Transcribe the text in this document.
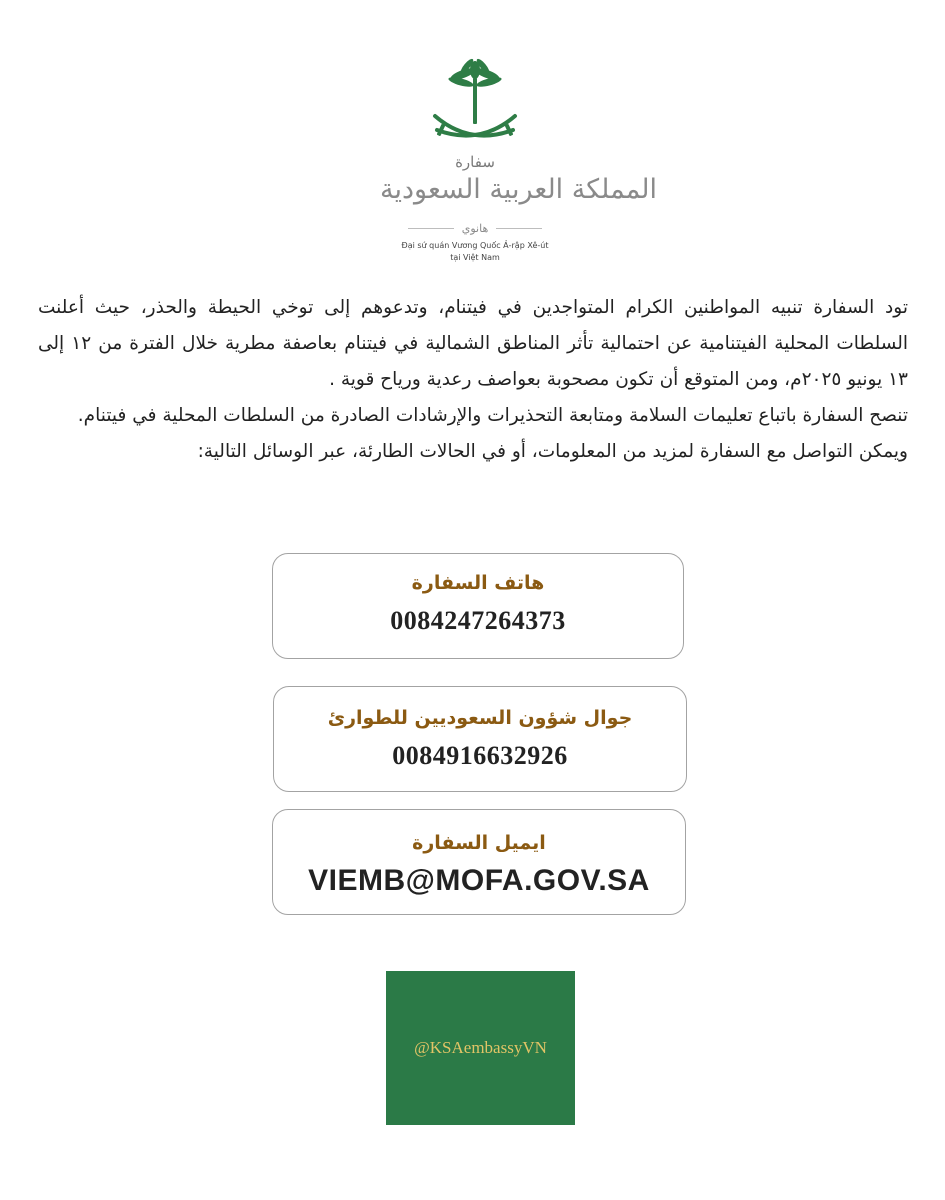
سفارة
المملكة العربية السعودية
هانوي
Đại sứ quán Vương Quốc Ả-rập Xê-út
tại Việt Nam

تود السفارة تنبيه المواطنين الكرام المتواجدين في فيتنام، وتدعوهم إلى توخي الحيطة والحذر، حيث أعلنت السلطات المحلية الفيتنامية عن احتمالية تأثر المناطق الشمالية في فيتنام بعاصفة مطرية خلال الفترة من ١٢ إلى ١٣ يونيو ٢٠٢٥م، ومن المتوقع أن تكون مصحوبة بعواصف رعدية ورياح قوية .

تنصح السفارة باتباع تعليمات السلامة ومتابعة التحذيرات والإرشادات الصادرة من السلطات المحلية في فيتنام.

ويمكن التواصل مع السفارة لمزيد من المعلومات، أو في الحالات الطارئة، عبر الوسائل التالية:

هاتف السفارة
0084247264373
جوال شؤون السعوديين للطوارئ
0084916632926
ايميل السفارة
VIEMB@MOFA.GOV.SA
@KSAembassyVN
